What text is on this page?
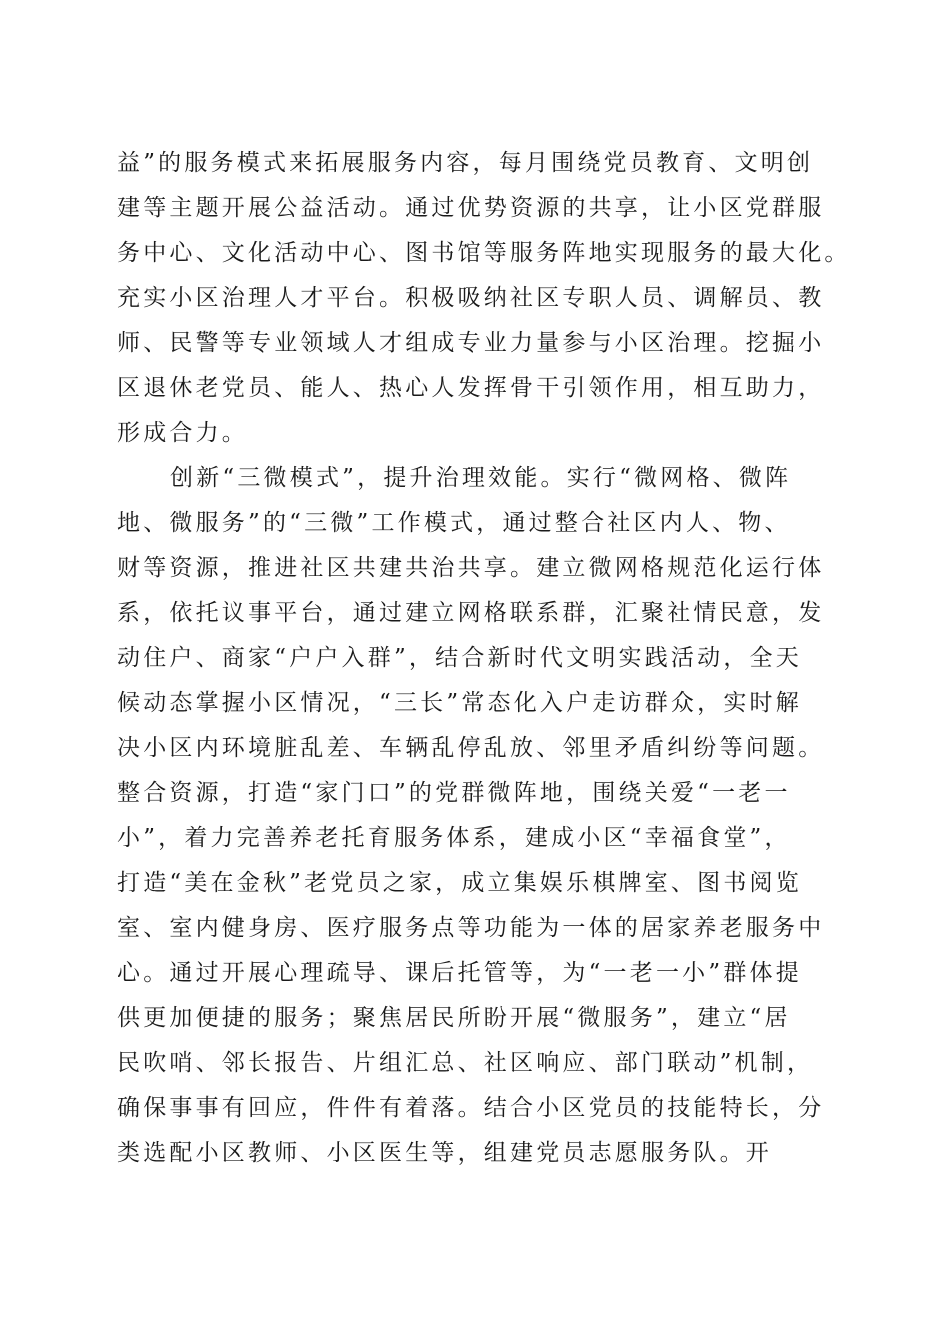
益”的服务模式来拓展服务内容，每月围绕党员教育、文明创
建等主题开展公益活动。通过优势资源的共享，让小区党群服
务中心、文化活动中心、图书馆等服务阵地实现服务的最大化。
充实小区治理人才平台。积极吸纳社区专职人员、调解员、教
师、民警等专业领域人才组成专业力量参与小区治理。挖掘小
区退休老党员、能人、热心人发挥骨干引领作用，相互助力，
形成合力。
创新“三微模式”，提升治理效能。实行“微网格、微阵
地、微服务”的“三微”工作模式，通过整合社区内人、物、
财等资源，推进社区共建共治共享。建立微网格规范化运行体
系，依托议事平台，通过建立网格联系群，汇聚社情民意，发
动住户、商家“户户入群”，结合新时代文明实践活动，全天
候动态掌握小区情况，“三长”常态化入户走访群众，实时解
决小区内环境脏乱差、车辆乱停乱放、邻里矛盾纠纷等问题。
整合资源，打造“家门口”的党群微阵地，围绕关爱“一老一
小”，着力完善养老托育服务体系，建成小区“幸福食堂”，
打造“美在金秋”老党员之家，成立集娱乐棋牌室、图书阅览
室、室内健身房、医疗服务点等功能为一体的居家养老服务中
心。通过开展心理疏导、课后托管等，为“一老一小”群体提
供更加便捷的服务；聚焦居民所盼开展“微服务”，建立“居
民吹哨、邻长报告、片组汇总、社区响应、部门联动”机制，
确保事事有回应，件件有着落。结合小区党员的技能特长，分
类选配小区教师、小区医生等，组建党员志愿服务队。开
